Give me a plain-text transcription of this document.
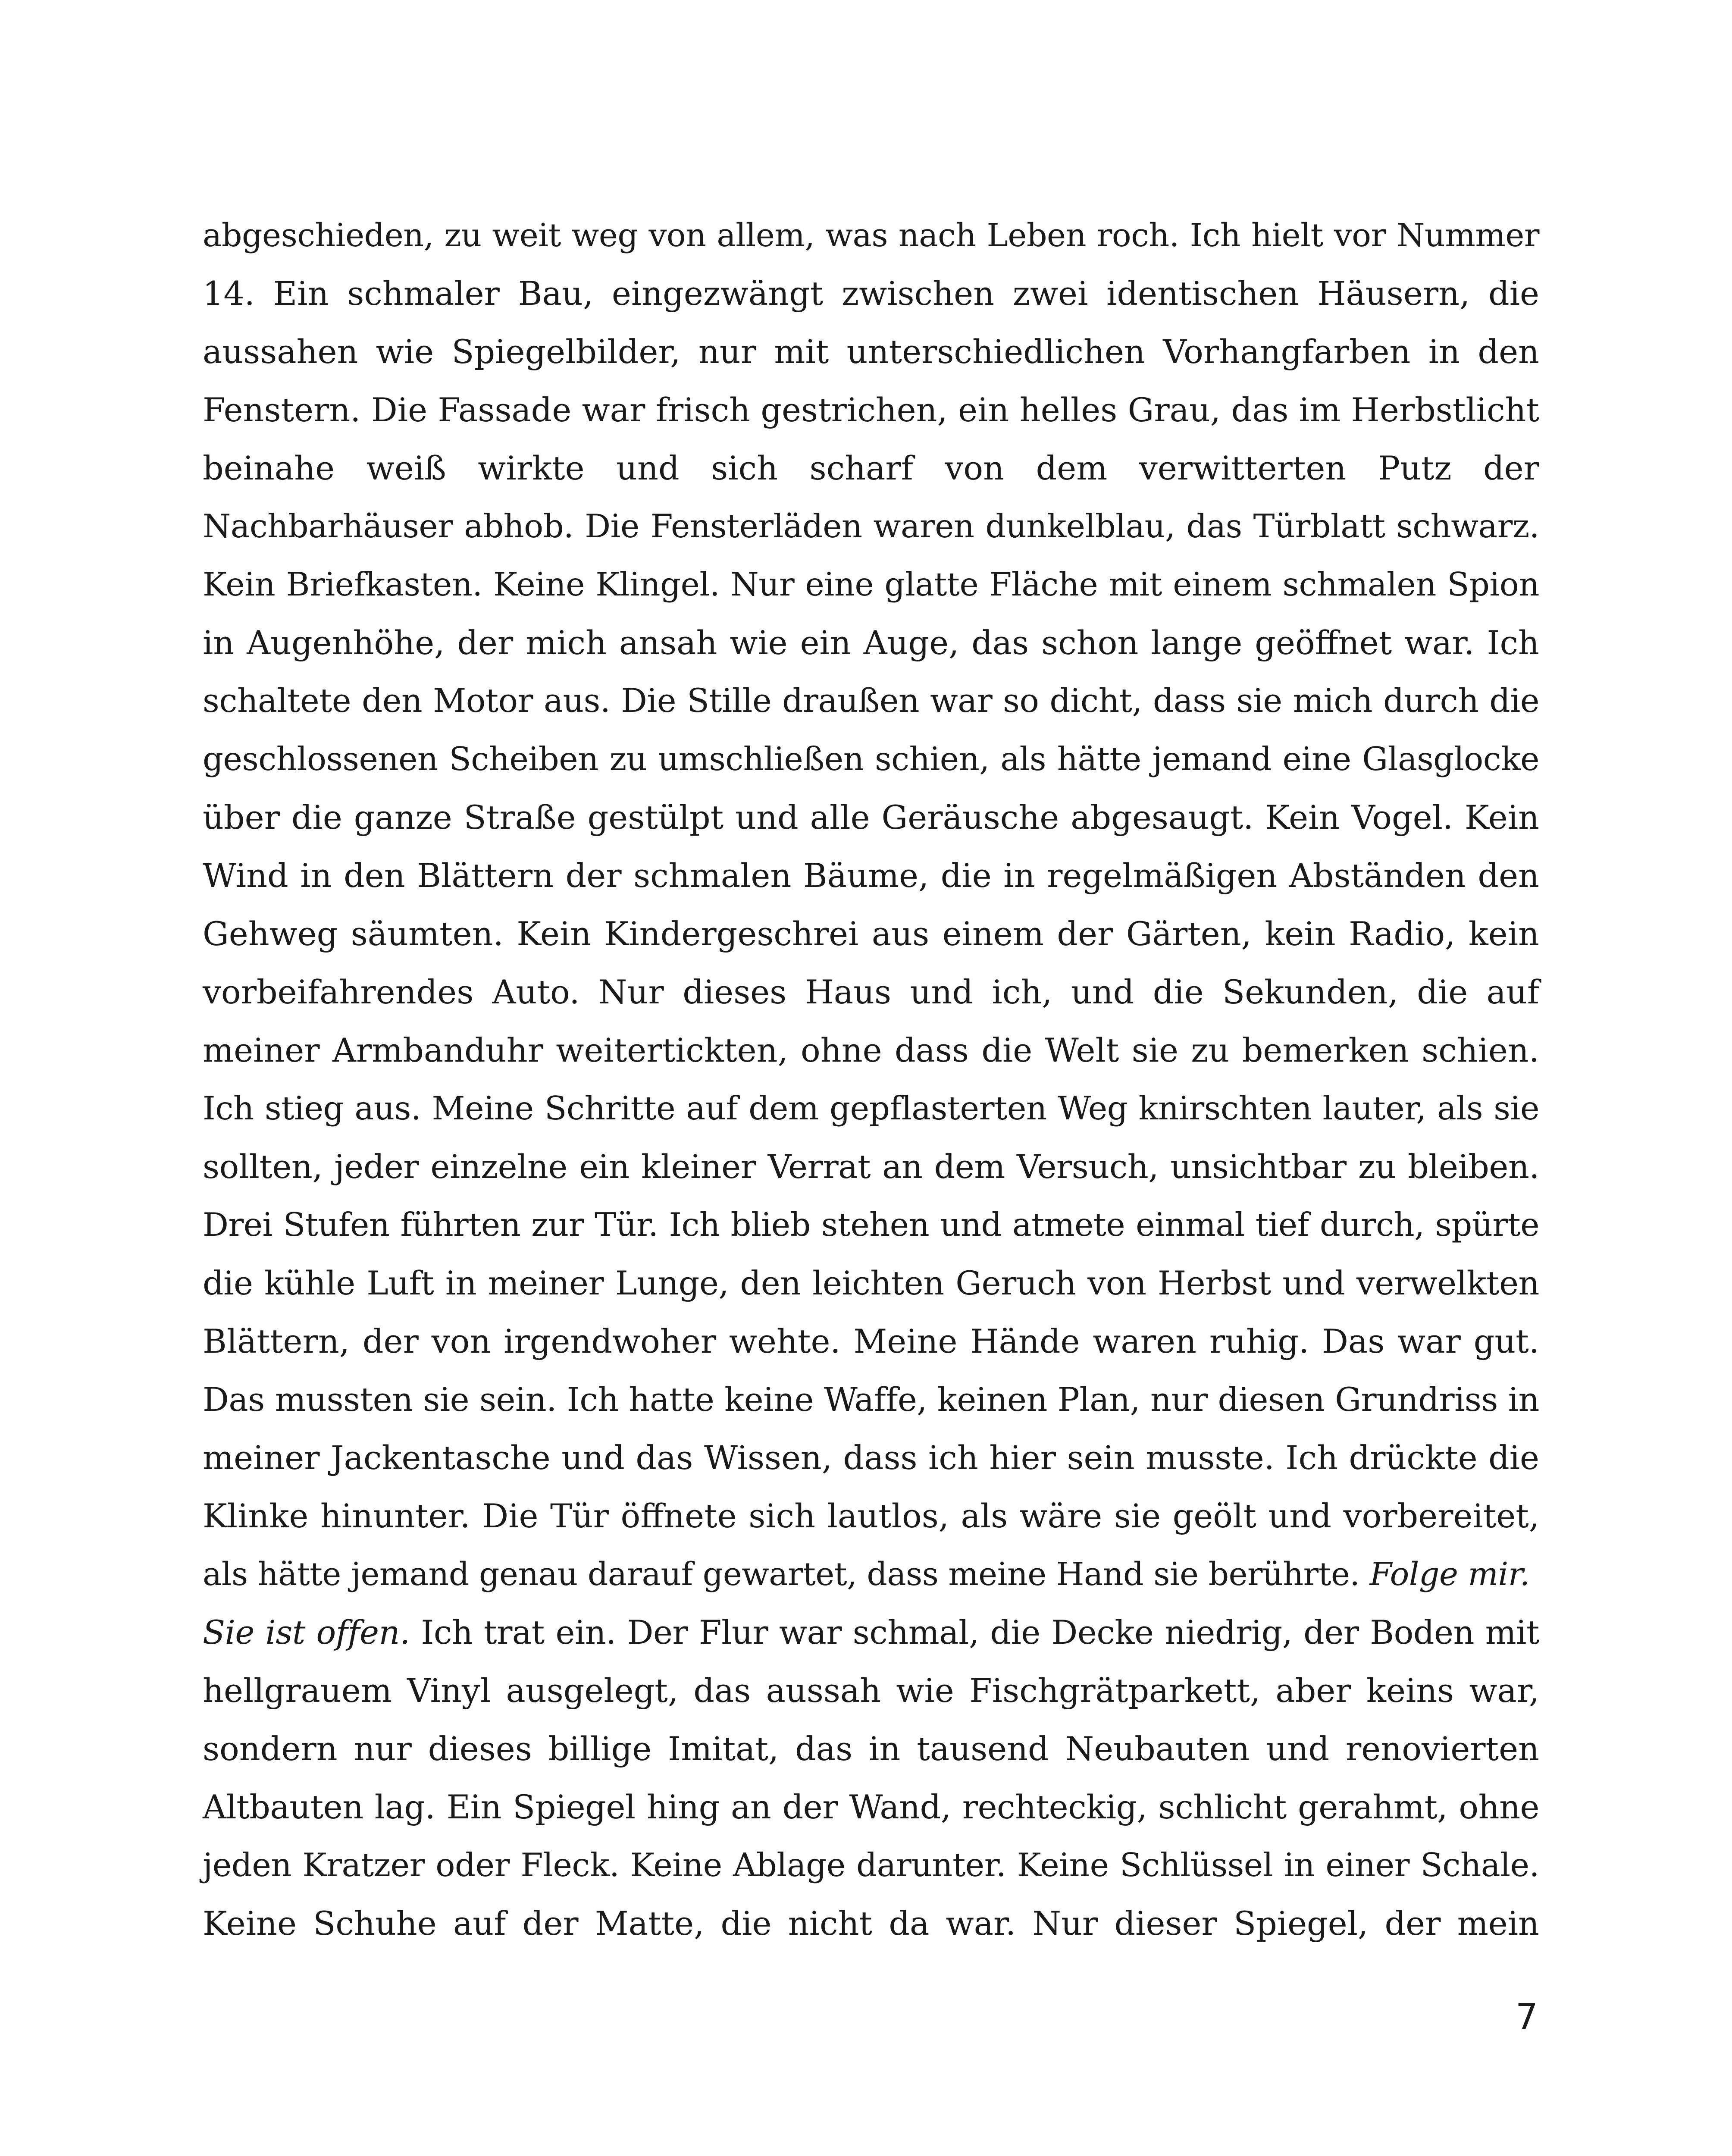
abgeschieden, zu weit weg von allem, was nach Leben roch. Ich hielt vor Nummer
14. Ein schmaler Bau, eingezwängt zwischen zwei identischen Häusern, die
aussahen wie Spiegelbilder, nur mit unterschiedlichen Vorhangfarben in den
Fenstern. Die Fassade war frisch gestrichen, ein helles Grau, das im Herbstlicht
beinahe weiß wirkte und sich scharf von dem verwitterten Putz der
Nachbarhäuser abhob. Die Fensterläden waren dunkelblau, das Türblatt schwarz.
Kein Briefkasten. Keine Klingel. Nur eine glatte Fläche mit einem schmalen Spion
in Augenhöhe, der mich ansah wie ein Auge, das schon lange geöffnet war. Ich
schaltete den Motor aus. Die Stille draußen war so dicht, dass sie mich durch die
geschlossenen Scheiben zu umschließen schien, als hätte jemand eine Glasglocke
über die ganze Straße gestülpt und alle Geräusche abgesaugt. Kein Vogel. Kein
Wind in den Blättern der schmalen Bäume, die in regelmäßigen Abständen den
Gehweg säumten. Kein Kindergeschrei aus einem der Gärten, kein Radio, kein
vorbeifahrendes Auto. Nur dieses Haus und ich, und die Sekunden, die auf
meiner Armbanduhr weitertickten, ohne dass die Welt sie zu bemerken schien.
Ich stieg aus. Meine Schritte auf dem gepflasterten Weg knirschten lauter, als sie
sollten, jeder einzelne ein kleiner Verrat an dem Versuch, unsichtbar zu bleiben.
Drei Stufen führten zur Tür. Ich blieb stehen und atmete einmal tief durch, spürte
die kühle Luft in meiner Lunge, den leichten Geruch von Herbst und verwelkten
Blättern, der von irgendwoher wehte. Meine Hände waren ruhig. Das war gut.
Das mussten sie sein. Ich hatte keine Waffe, keinen Plan, nur diesen Grundriss in
meiner Jackentasche und das Wissen, dass ich hier sein musste. Ich drückte die
Klinke hinunter. Die Tür öffnete sich lautlos, als wäre sie geölt und vorbereitet,
als hätte jemand genau darauf gewartet, dass meine Hand sie berührte. Folge mir.
Sie ist offen. Ich trat ein. Der Flur war schmal, die Decke niedrig, der Boden mit
hellgrauem Vinyl ausgelegt, das aussah wie Fischgrätparkett, aber keins war,
sondern nur dieses billige Imitat, das in tausend Neubauten und renovierten
Altbauten lag. Ein Spiegel hing an der Wand, rechteckig, schlicht gerahmt, ohne
jeden Kratzer oder Fleck. Keine Ablage darunter. Keine Schlüssel in einer Schale.
Keine Schuhe auf der Matte, die nicht da war. Nur dieser Spiegel, der mein
7
